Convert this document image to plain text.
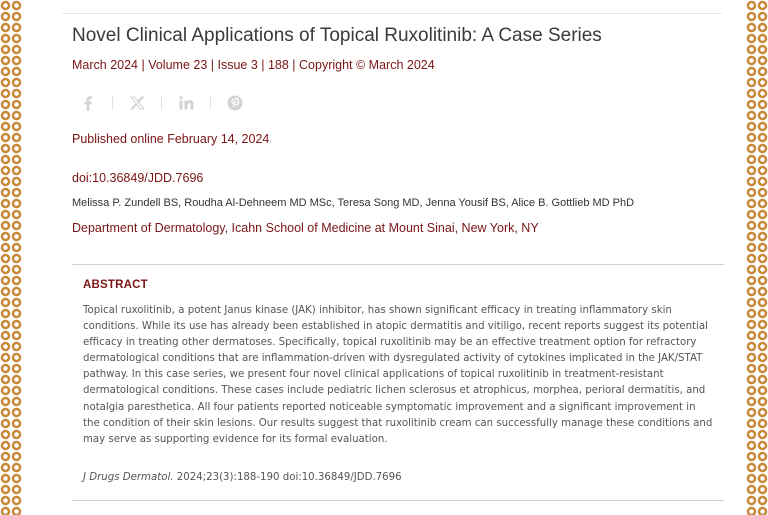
Novel Clinical Applications of Topical Ruxolitinib: A Case Series
March 2024 | Volume 23 | Issue 3 | 188 | Copyright © March 2024
Published online February 14, 2024
doi:10.36849/JDD.7696
Melissa P. Zundell BS, Roudha Al-Dehneem MD MSc, Teresa Song MD, Jenna Yousif BS, Alice B. Gottlieb MD PhD
Department of Dermatology, Icahn School of Medicine at Mount Sinai, New York, NY
ABSTRACT

Topical ruxolitinib, a potent Janus kinase (JAK) inhibitor, has shown significant efficacy in treating inflammatory skin conditions. While its use has already been established in atopic dermatitis and vitiligo, recent reports suggest its potential efficacy in treating other dermatoses. Specifically, topical ruxolitinib may be an effective treatment option for refractory dermatological conditions that are inflammation-driven with dysregulated activity of cytokines implicated in the JAK/STAT pathway. In this case series, we present four novel clinical applications of topical ruxolitinib in treatment-resistant dermatological conditions. These cases include pediatric lichen sclerosus et atrophicus, morphea, perioral dermatitis, and notalgia paresthetica. All four patients reported noticeable symptomatic improvement and a significant improvement in the condition of their skin lesions. Our results suggest that ruxolitinib cream can successfully manage these conditions and may serve as supporting evidence for its formal evaluation.

J Drugs Dermatol. 2024;23(3):188-190 doi:10.36849/JDD.7696
